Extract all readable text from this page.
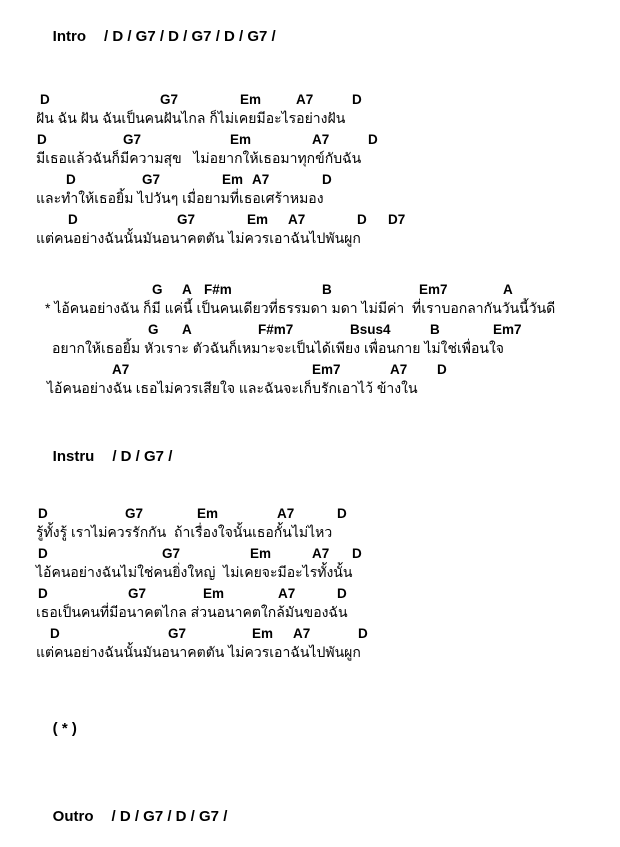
Intro / D / G7 / D / G7 / D / G7 /

D	G7	Em	A7	D
ฝัน ฉัน ฝัน ฉันเป็นคนฝันไกล ก็ไม่เคยมีอะไรอย่างฝัน
D	G7	Em	A7	D
มีเธอแล้วฉันก็มีความสุข   ไม่อยากให้เธอมาทุกข์กับฉัน
D	G7	Em A7	D
และทำให้เธอยิ้ม ไปวันๆ เมื่อยามที่เธอเศร้าหมอง
D	G7	Em A7	D D7
แต่คนอย่างฉันนั้นมันอนาคตตัน ไม่ควรเอาฉันไปพันผูก
G A F#m	B	Em7	A
* ไอ้คนอย่างฉัน ก็มี แค่นี้ เป็นคนเดียวที่ธรรมดา มดา ไม่มีค่า  ที่เราบอกลากันวันนี้วันดี
G A	F#m7	Bsus4	B	Em7
อยากให้เธอยิ้ม หัวเราะ ตัวฉันก็เหมาะจะเป็นได้เพียง เพื่อนกาย ไม่ใช่เพื่อนใจ
A7	Em7	A7 D
ไอ้คนอย่างฉัน เธอไม่ควรเสียใจ และฉันจะเก็บรักเอาไว้ ข้างใน

Instru / D / G7 /

D	G7	Em	A7	D
รู้ทั้งรู้ เราไม่ควรรักกัน  ถ้าเรื่องใจนั้นเธอกั้นไม่ไหว
D	G7	Em	A7 D
ไอ้คนอย่างฉันไม่ใช่คนยิ่งใหญ่  ไม่เคยจะมีอะไรทั้งนั้น
D	G7	Em	A7	D
เธอเป็นคนที่มีอนาคตไกล ส่วนอนาคตใกล้มันของฉัน
D	G7	Em A7	D
แต่คนอย่างฉันนั้นมันอนาคตตัน ไม่ควรเอาฉันไปพันผูก

( * )

Outro / D / G7 / D / G7 /
